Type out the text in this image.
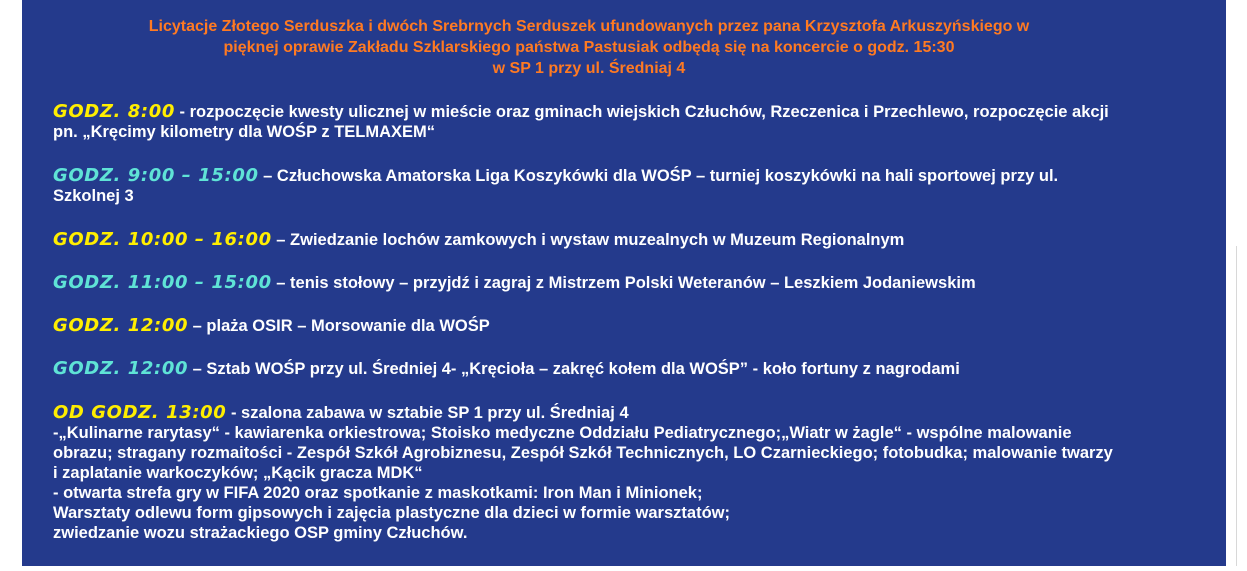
Licytacje Złotego Serduszka i dwóch Srebrnych Serduszek ufundowanych przez pana Krzysztofa Arkuszyńskiego w
pięknej oprawie Zakładu Szklarskiego państwa Pastusiak odbędą się na koncercie o godz. 15:30
w SP 1 przy ul. Średniaj 4

GODZ. 8:00 - rozpoczęcie kwesty ulicznej w mieście oraz gminach wiejskich Człuchów, Rzeczenica i Przechlewo, rozpoczęcie akcji pn. „Kręcimy kilometry dla WOŚP z TELMAXEM“

GODZ. 9:00 – 15:00 – Człuchowska Amatorska Liga Koszykówki dla WOŚP – turniej koszykówki na hali sportowej przy ul. Szkolnej 3

GODZ. 10:00 – 16:00 – Zwiedzanie lochów zamkowych i wystaw muzealnych w Muzeum Regionalnym

GODZ. 11:00 – 15:00 – tenis stołowy – przyjdź i zagraj z Mistrzem Polski Weteranów – Leszkiem Jodaniewskim

GODZ. 12:00 – plaża OSIR – Morsowanie dla WOŚP

GODZ. 12:00 – Sztab WOŚP przy ul. Średniej 4- „Kręcioła – zakręć kołem dla WOŚP” - koło fortuny z nagrodami

OD GODZ. 13:00 - szalona zabawa w sztabie SP 1 przy ul. Średniaj 4
-„Kulinarne rarytasy“ - kawiarenka orkiestrowa; Stoisko medyczne Oddziału Pediatrycznego;„Wiatr w żagle“ - wspólne malowanie obrazu; stragany rozmaitości - Zespół Szkół Agrobiznesu, Zespół Szkół Technicznych, LO Czarnieckiego; fotobudka; malowanie twarzy i zaplatanie warkoczyków; „Kącik gracza MDK“
- otwarta strefa gry w FIFA 2020 oraz spotkanie z maskotkami: Iron Man i Minionek;
Warsztaty odlewu form gipsowych i zajęcia plastyczne dla dzieci w formie warsztatów;
zwiedzanie wozu strażackiego OSP gminy Człuchów.
